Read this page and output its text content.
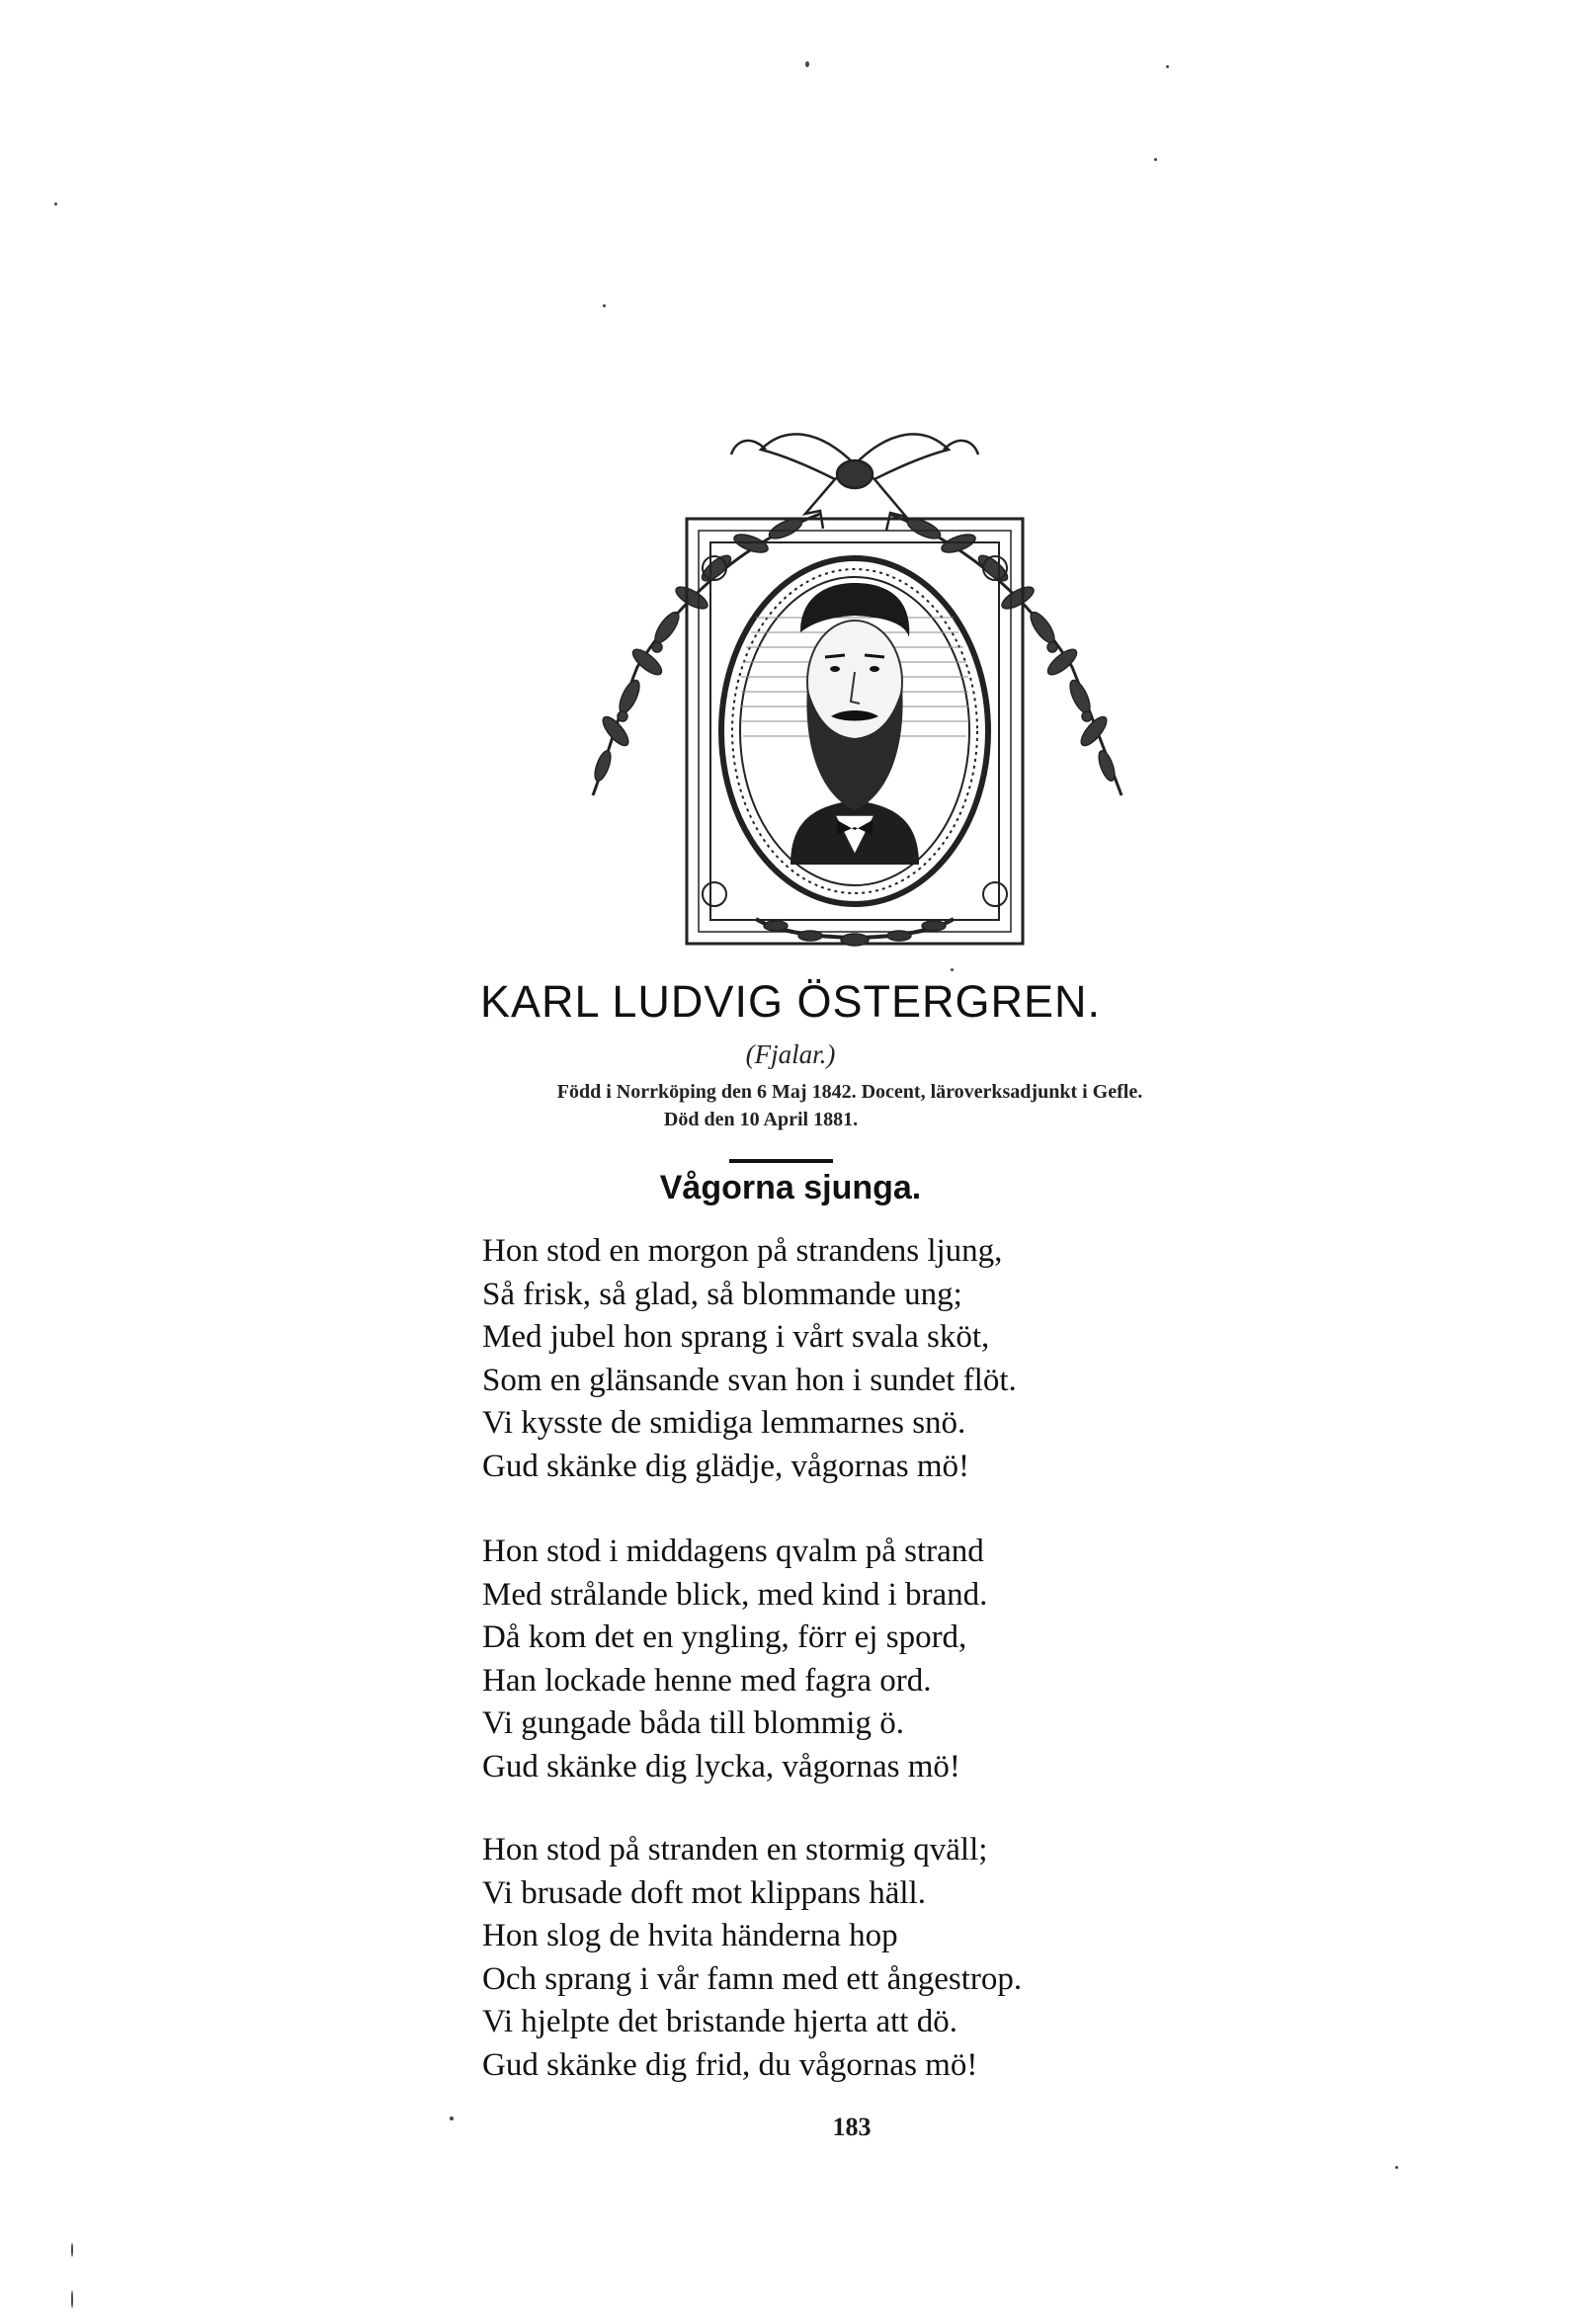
KARL LUDVIG ÖSTERGREN.
(Fjalar.)
Född i Norrköping den 6 Maj 1842. Docent, läroverksadjunkt i Gefle.
Död den 10 April 1881.
Vågorna sjunga.
Hon stod en morgon på strandens ljung,
Så frisk, så glad, så blommande ung;
Med jubel hon sprang i vårt svala sköt,
Som en glänsande svan hon i sundet flöt.
Vi kysste de smidiga lemmarnes snö.
Gud skänke dig glädje, vågornas mö!
Hon stod i middagens qvalm på strand
Med strålande blick, med kind i brand.
Då kom det en yngling, förr ej spord,
Han lockade henne med fagra ord.
Vi gungade båda till blommig ö.
Gud skänke dig lycka, vågornas mö!
Hon stod på stranden en stormig qväll;
Vi brusade doft mot klippans häll.
Hon slog de hvita händerna hop
Och sprang i vår famn med ett ångestrop.
Vi hjelpte det bristande hjerta att dö.
Gud skänke dig frid, du vågornas mö!
183
